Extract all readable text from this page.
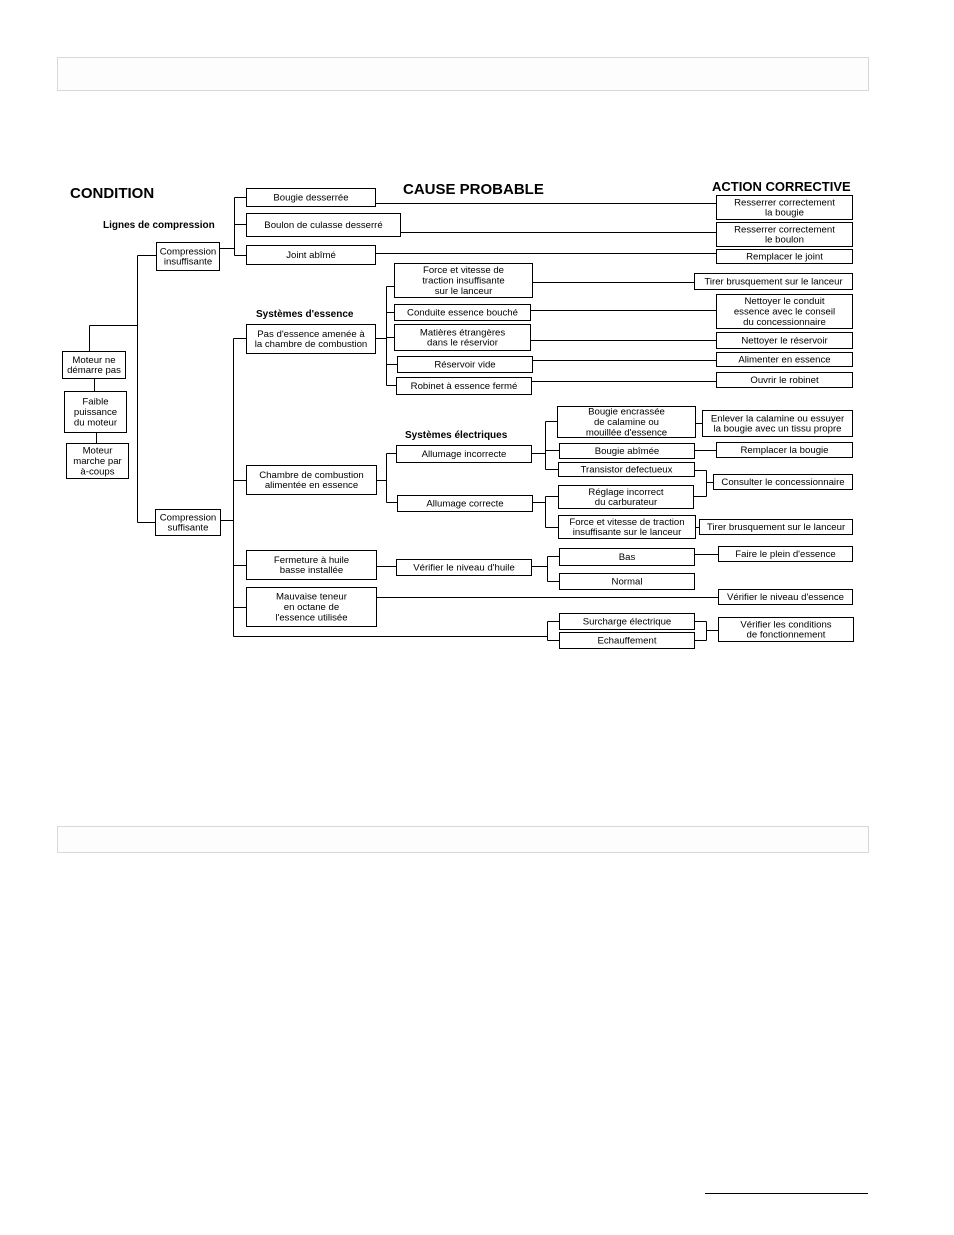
Moteur ne démarre pas
Faible puissance du moteur
Moteur marche par à-coups
Compression insuffisante
Compression suffisante
Bougie desserrée
Boulon de culasse desserré
Joint abîmé
Pas d'essence amenée à la chambre de combustion
Chambre de combustion alimentée en essence
Fermeture à huile basse installée
Mauvaise teneur en octane de l'essence utilisée
Force et vitesse de traction insuffisante sur le lanceur
Conduite essence bouché
Matières étrangères dans le réservior
Réservoir vide
Robinet à essence fermé
Allumage incorrecte
Allumage correcte
Bougie encrassée de calamine ou mouillée d'essence
Bougie abîmée
Transistor defectueux
Réglage incorrect du carburateur
Force et vitesse de traction insuffisante sur le lanceur
Vérifier le niveau d'huile
Bas
Normal
Surcharge électrique
Echauffement
Resserrer correctement la bougie
Resserrer correctement le boulon
Remplacer le joint
Tirer brusquement sur le lanceur
Nettoyer le conduit essence avec le conseil du concessionnaire
Nettoyer le réservoir
Alimenter en essence
Ouvrir le robinet
Enlever la calamine ou essuyer la bougie avec un tissu propre
Remplacer la bougie
Consulter le concessionnaire
Tirer brusquement sur le lanceur
Faire le plein d'essence
Vérifier le niveau d'essence
Vérifier les conditions de fonctionnement
CONDITION	CAUSE PROBABLE	ACTION CORRECTIVE
Lignes de compression
Systèmes d'essence
Systèmes électriques
